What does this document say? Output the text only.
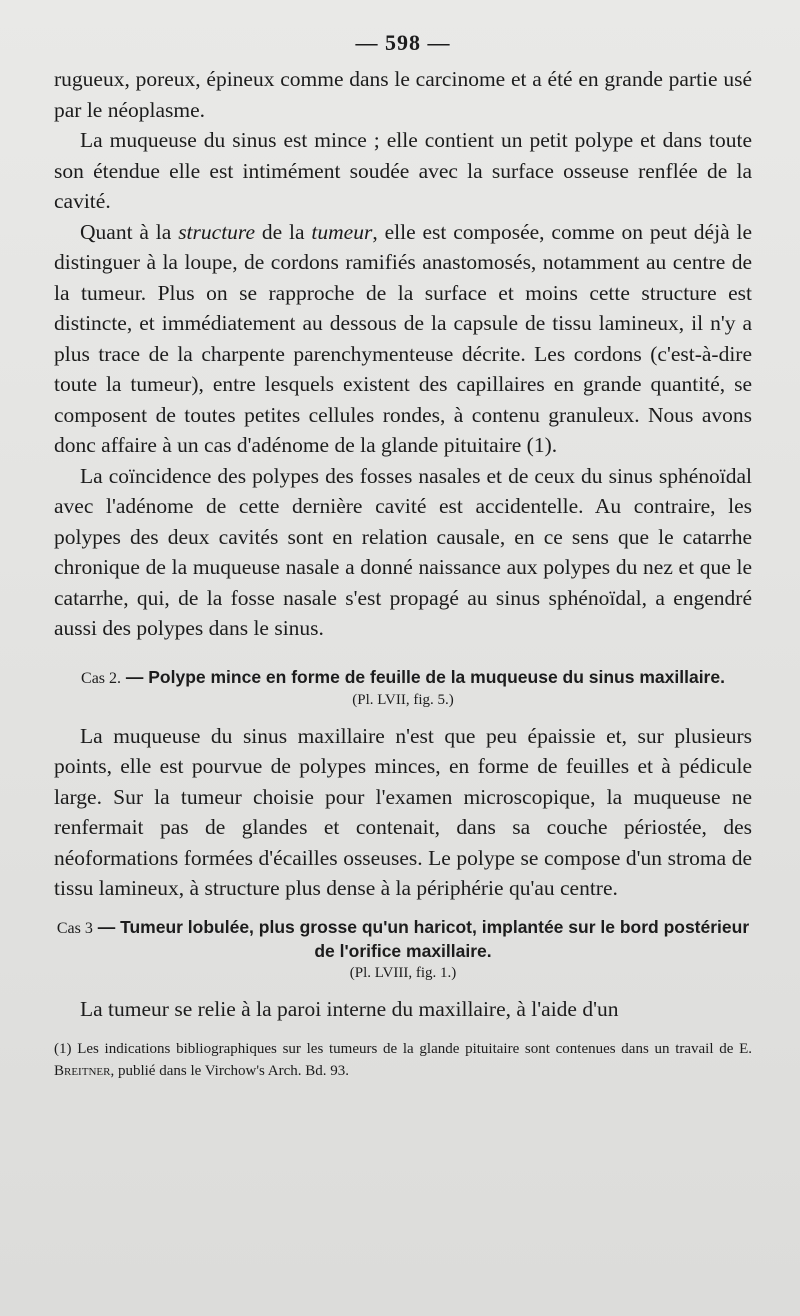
— 598 —

rugueux, poreux, épineux comme dans le carcinome et a été en grande partie usé par le néoplasme.

La muqueuse du sinus est mince ; elle contient un petit polype et dans toute son étendue elle est intimément soudée avec la surface osseuse renflée de la cavité.

Quant à la structure de la tumeur, elle est composée, comme on peut déjà le distinguer à la loupe, de cordons ramifiés anastomosés, notamment au centre de la tumeur. Plus on se rapproche de la surface et moins cette structure est distincte, et immédiatement au dessous de la capsule de tissu lamineux, il n'y a plus trace de la charpente parenchymenteuse décrite. Les cordons (c'est-à-dire toute la tumeur), entre lesquels existent des capillaires en grande quantité, se composent de toutes petites cellules rondes, à contenu granuleux. Nous avons donc affaire à un cas d'adénome de la glande pituitaire (1).

La coïncidence des polypes des fosses nasales et de ceux du sinus sphénoïdal avec l'adénome de cette dernière cavité est accidentelle. Au contraire, les polypes des deux cavités sont en relation causale, en ce sens que le catarrhe chronique de la muqueuse nasale a donné naissance aux polypes du nez et que le catarrhe, qui, de la fosse nasale s'est propagé au sinus sphénoïdal, a engendré aussi des polypes dans le sinus.

Cas 2. — Polype mince en forme de feuille de la muqueuse du sinus maxillaire.
(Pl. LVII, fig. 5.)

La muqueuse du sinus maxillaire n'est que peu épaissie et, sur plusieurs points, elle est pourvue de polypes minces, en forme de feuilles et à pédicule large. Sur la tumeur choisie pour l'examen microscopique, la muqueuse ne renfermait pas de glandes et contenait, dans sa couche périostée, des néoformations formées d'écailles osseuses. Le polype se compose d'un stroma de tissu lamineux, à structure plus dense à la périphérie qu'au centre.

Cas 3 — Tumeur lobulée, plus grosse qu'un haricot, implantée sur le bord postérieur de l'orifice maxillaire.
(Pl. LVIII, fig. 1.)

La tumeur se relie à la paroi interne du maxillaire, à l'aide d'un

(1) Les indications bibliographiques sur les tumeurs de la glande pituitaire sont contenues dans un travail de E. Breitner, publié dans le Virchow's Arch. Bd. 93.
